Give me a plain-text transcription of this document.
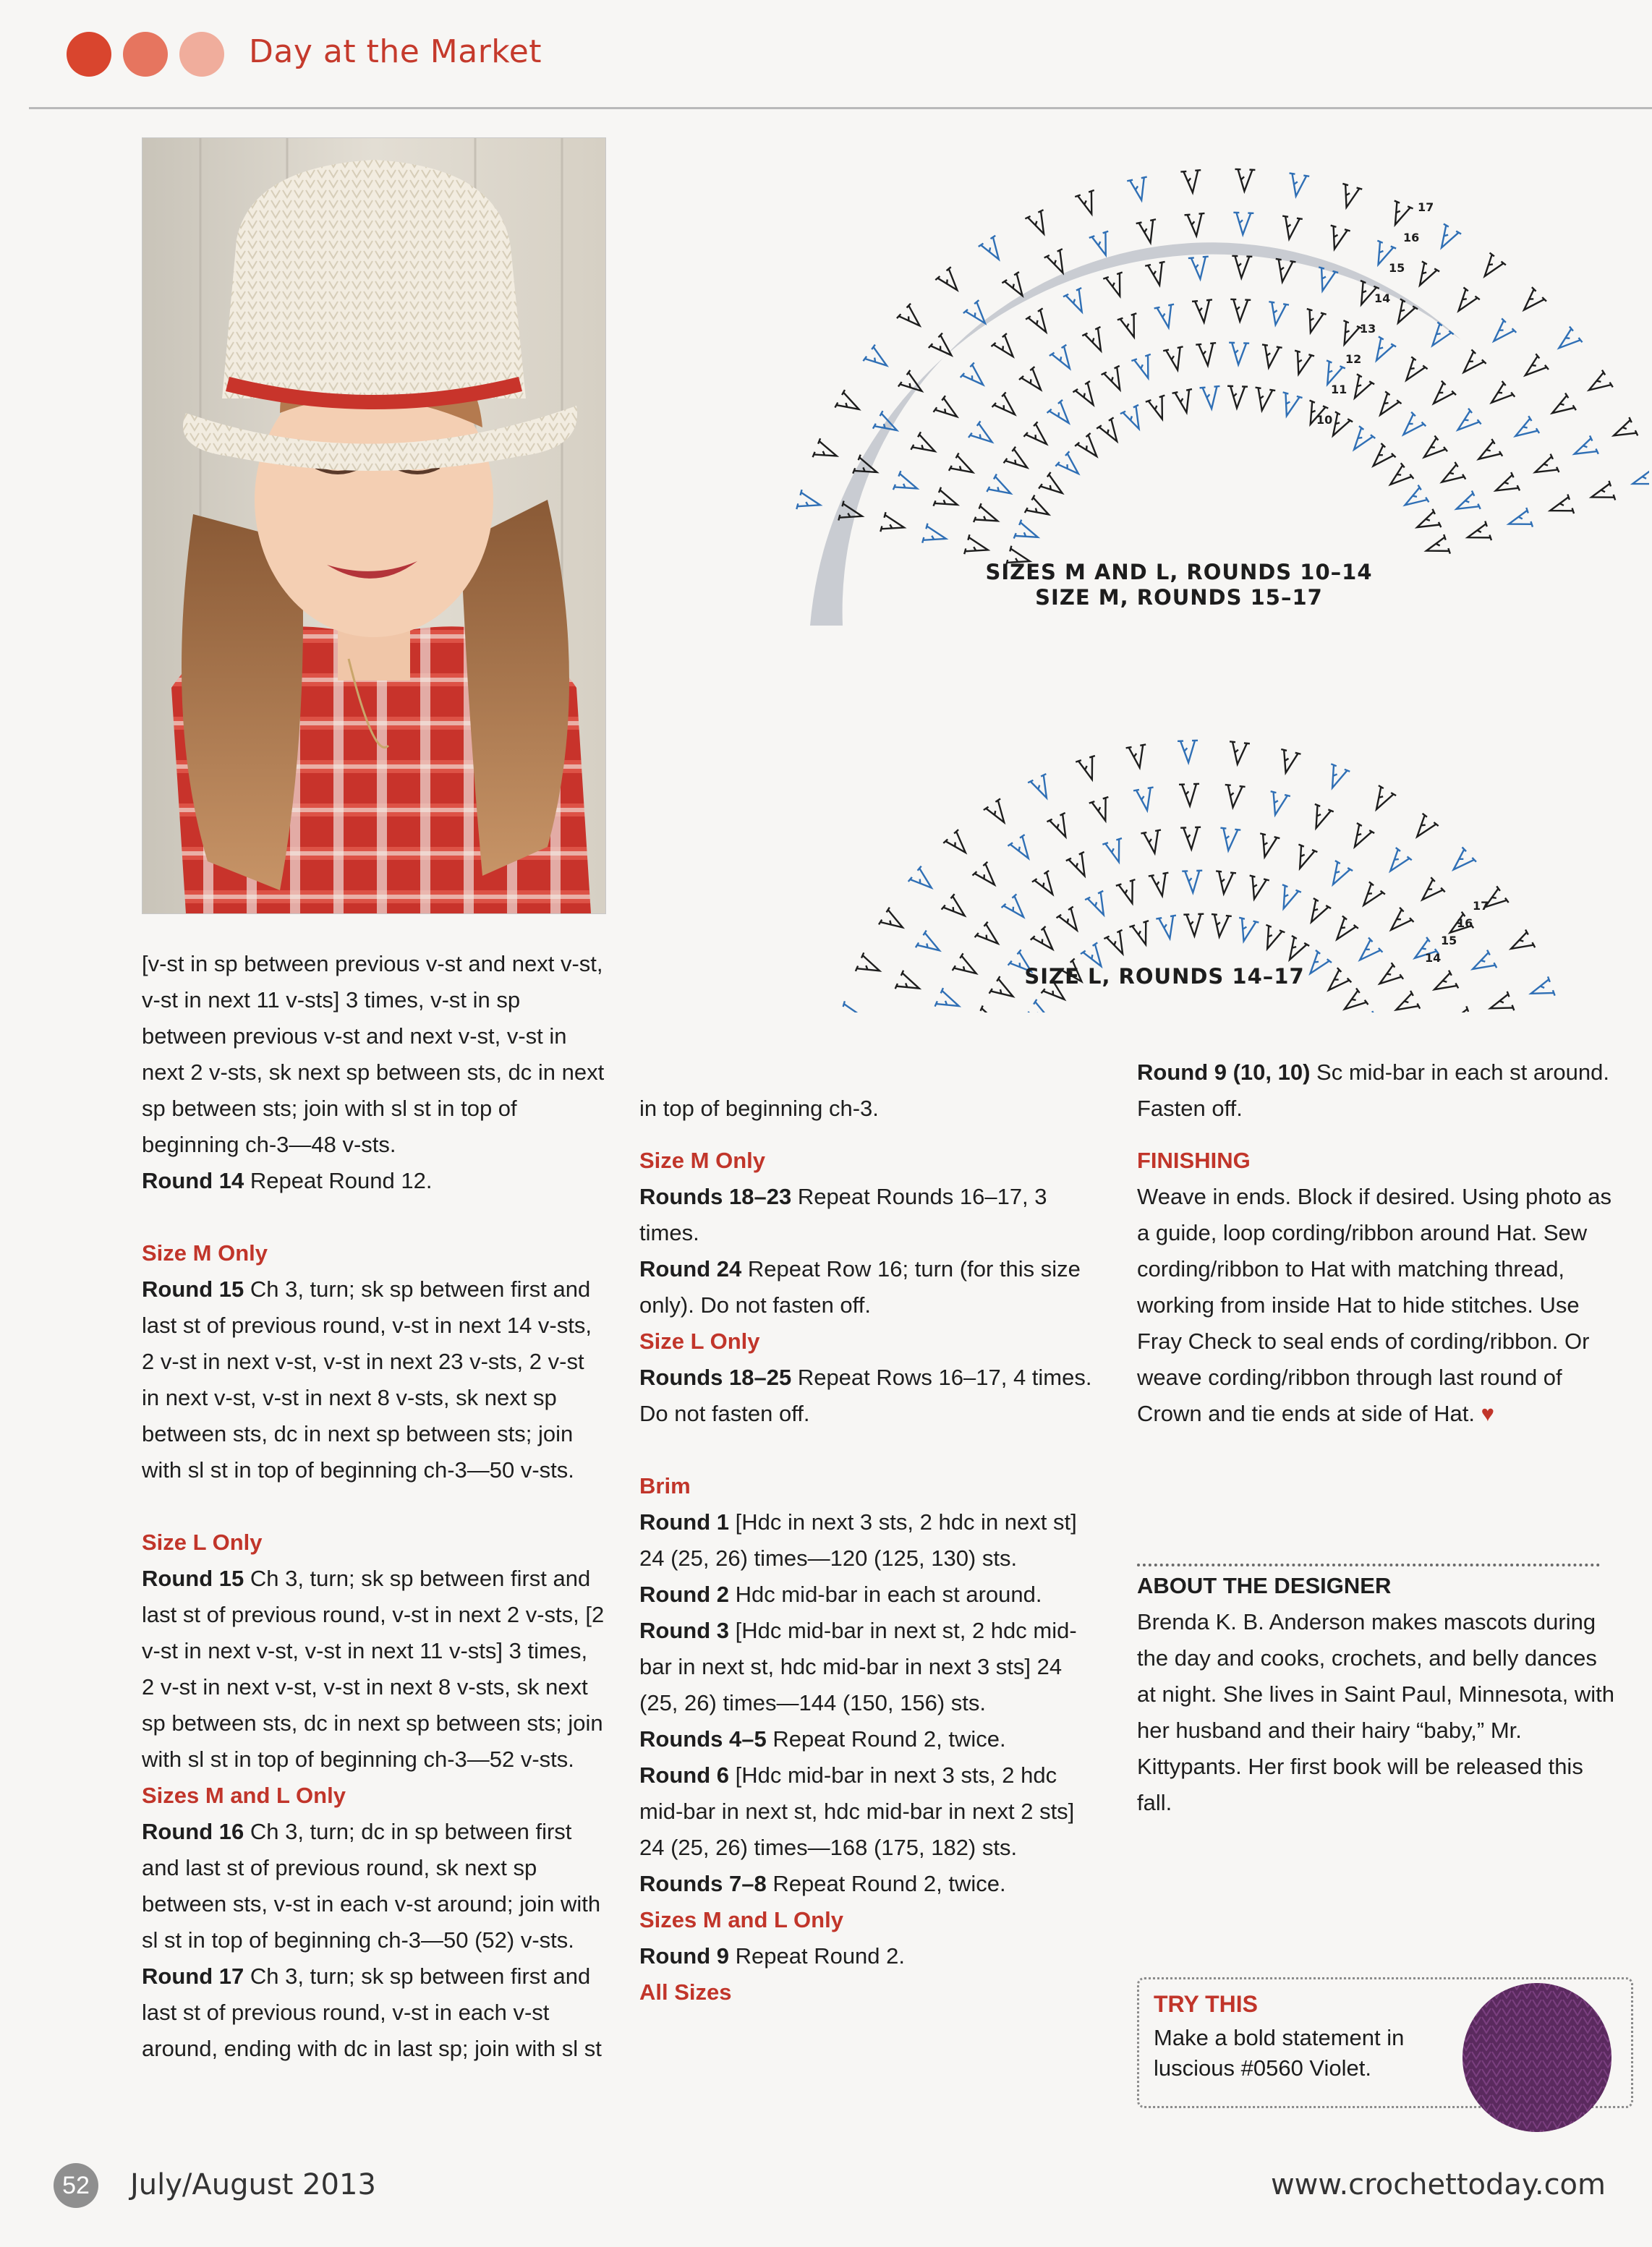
Day at the Market
10
11
12
13
14
15
16
17
14
15
16
17
SIZES M AND L, ROUNDS 10–14
SIZE M, ROUNDS 15–17
SIZE L, ROUNDS 14–17

[v-st in sp between previous v-st and next v-st, v-st in next 11 v-sts] 3 times, v-st in sp between previous v-st and next v-st, v-st in next 2 v-sts, sk next sp between sts, dc in next sp between sts; join with sl st in top of beginning ch-3—48 v-sts.

Round 14 Repeat Round 12.

Size M Only

Round 15 Ch 3, turn; sk sp between first and last st of previous round, v-st in next 14 v-sts, 2 v-st in next v-st, v-st in next 23 v-sts, 2 v-st in next v-st, v-st in next 8 v-sts, sk next sp between sts, dc in next sp between sts; join with sl st in top of beginning ch-3—50 v-sts.

Size L Only

Round 15 Ch 3, turn; sk sp between first and last st of previous round, v-st in next 2 v-sts, [2 v-st in next v-st, v-st in next 11 v-sts] 3 times, 2 v-st in next v-st, v-st in next 8 v-sts, sk next sp between sts, dc in next sp between sts; join with sl st in top of beginning ch-3—52 v-sts.

Sizes M and L Only

Round 16 Ch 3, turn; dc in sp between first and last st of previous round, sk next sp between sts, v-st in each v-st around; join with sl st in top of beginning ch-3—50 (52) v-sts.

Round 17 Ch 3, turn; sk sp between first and last st of previous round, v-st in each v-st around, ending with dc in last sp; join with sl st

in top of beginning ch-3.

Size M Only

Rounds 18–23 Repeat Rounds 16–17, 3 times.

Round 24 Repeat Row 16; turn (for this size only). Do not fasten off.

Size L Only

Rounds 18–25 Repeat Rows 16–17, 4 times. Do not fasten off.

Brim

Round 1 [Hdc in next 3 sts, 2 hdc in next st] 24 (25, 26) times—120 (125, 130) sts.

Round 2 Hdc mid-bar in each st around.

Round 3 [Hdc mid-bar in next st, 2 hdc mid-bar in next st, hdc mid-bar in next 3 sts] 24 (25, 26) times—144 (150, 156) sts.

Rounds 4–5 Repeat Round 2, twice.

Round 6 [Hdc mid-bar in next 3 sts, 2 hdc mid-bar in next st, hdc mid-bar in next 2 sts] 24 (25, 26) times—168 (175, 182) sts.

Rounds 7–8 Repeat Round 2, twice.

Sizes M and L Only

Round 9 Repeat Round 2.

All Sizes

Round 9 (10, 10) Sc mid-bar in each st around.

Fasten off.

FINISHING

Weave in ends. Block if desired. Using photo as a guide, loop cording/ribbon around Hat. Sew cording/ribbon to Hat with matching thread, working from inside Hat to hide stitches. Use Fray Check to seal ends of cording/ribbon. Or weave cording/ribbon through last round of Crown and tie ends at side of Hat. ♥

ABOUT THE DESIGNER

Brenda K. B. Anderson makes mascots during the day and cooks, crochets, and belly dances at night. She lives in Saint Paul, Minnesota, with her husband and their hairy “baby,” Mr. Kittypants. Her first book will be released this fall.

TRY THIS
Make a bold statement in luscious #0560 Violet.
52	July/August 2013	www.crochettoday.com
